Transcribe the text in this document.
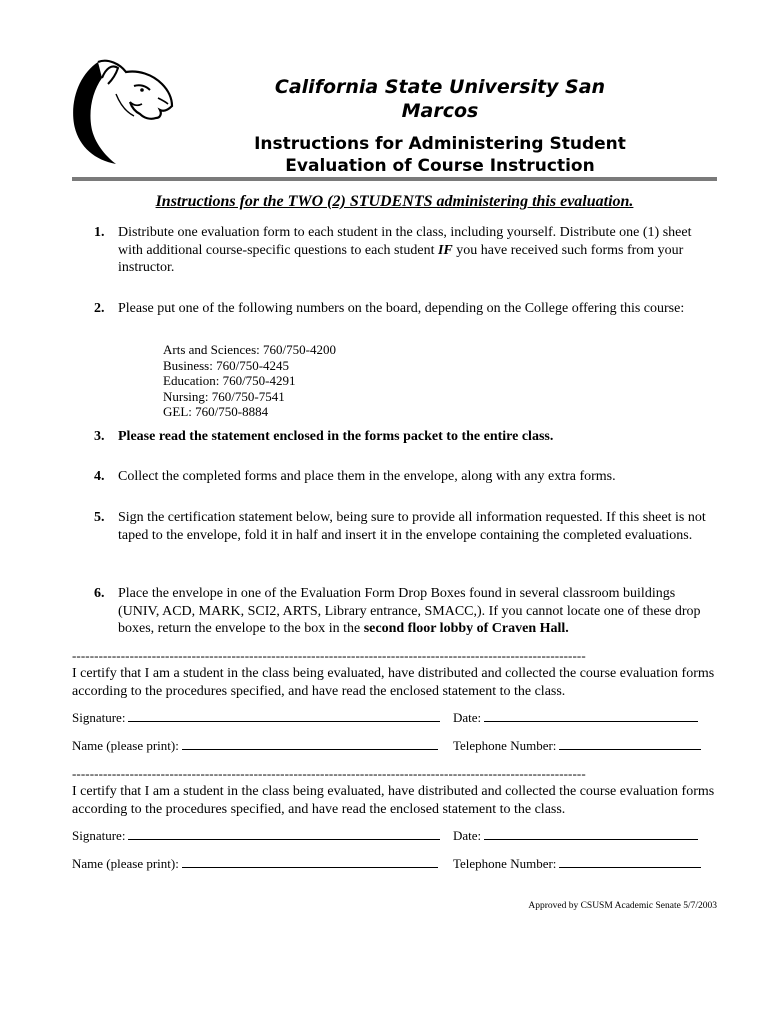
California State University San Marcos
Instructions for Administering Student Evaluation of Course Instruction
Instructions for the TWO (2) STUDENTS administering this evaluation.
1. Distribute one evaluation form to each student in the class, including yourself. Distribute one (1) sheet with additional course-specific questions to each student IF you have received such forms from your instructor.
2. Please put one of the following numbers on the board, depending on the College offering this course:
Arts and Sciences: 760/750-4200
Business: 760/750-4245
Education: 760/750-4291
Nursing: 760/750-7541
GEL: 760/750-8884
3. Please read the statement enclosed in the forms packet to the entire class.
4. Collect the completed forms and place them in the envelope, along with any extra forms.
5. Sign the certification statement below, being sure to provide all information requested. If this sheet is not taped to the envelope, fold it in half and insert it in the envelope containing the completed evaluations.
6. Place the envelope in one of the Evaluation Form Drop Boxes found in several classroom buildings (UNIV, ACD, MARK, SCI2, ARTS, Library entrance, SMACC,). If you cannot locate one of these drop boxes, return the envelope to the box in the second floor lobby of Craven Hall.
--------------------------------------------------------------------------------------------------------------------
I certify that I am a student in the class being evaluated, have distributed and collected the course evaluation forms according to the procedures specified, and have read the enclosed statement to the class.
Signature:	Date:
Name (please print):	Telephone Number:
--------------------------------------------------------------------------------------------------------------------
I certify that I am a student in the class being evaluated, have distributed and collected the course evaluation forms according to the procedures specified, and have read the enclosed statement to the class.
Signature:	Date:
Name (please print):	Telephone Number:
Approved by CSUSM Academic Senate 5/7/2003
